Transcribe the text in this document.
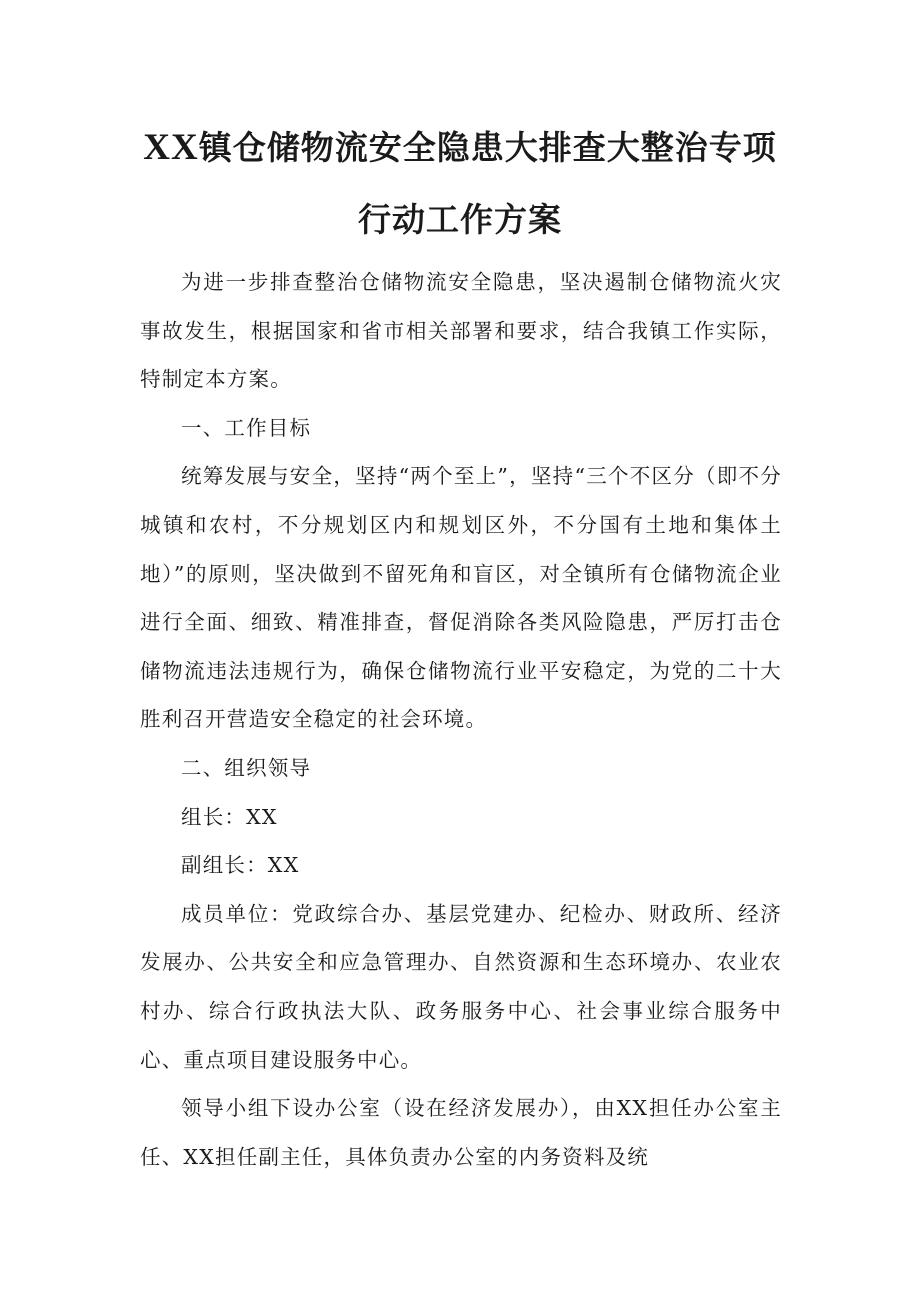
XX镇仓储物流安全隐患大排查大整治专项
行动工作方案

为进一步排查整治仓储物流安全隐患，坚决遏制仓储物流火灾事故发生，根据国家和省市相关部署和要求，结合我镇工作实际，特制定本方案。

一、工作目标

统筹发展与安全，坚持“两个至上”，坚持“三个不区分（即不分城镇和农村，不分规划区内和规划区外，不分国有土地和集体土地）”的原则，坚决做到不留死角和盲区，对全镇所有仓储物流企业进行全面、细致、精准排查，督促消除各类风险隐患，严厉打击仓储物流违法违规行为，确保仓储物流行业平安稳定，为党的二十大胜利召开营造安全稳定的社会环境。

二、组织领导

组长：XX

副组长：XX

成员单位：党政综合办、基层党建办、纪检办、财政所、经济发展办、公共安全和应急管理办、自然资源和生态环境办、农业农村办、综合行政执法大队、政务服务中心、社会事业综合服务中心、重点项目建设服务中心。

领导小组下设办公室（设在经济发展办），由XX担任办公室主任、XX担任副主任，具体负责办公室的内务资料及统
